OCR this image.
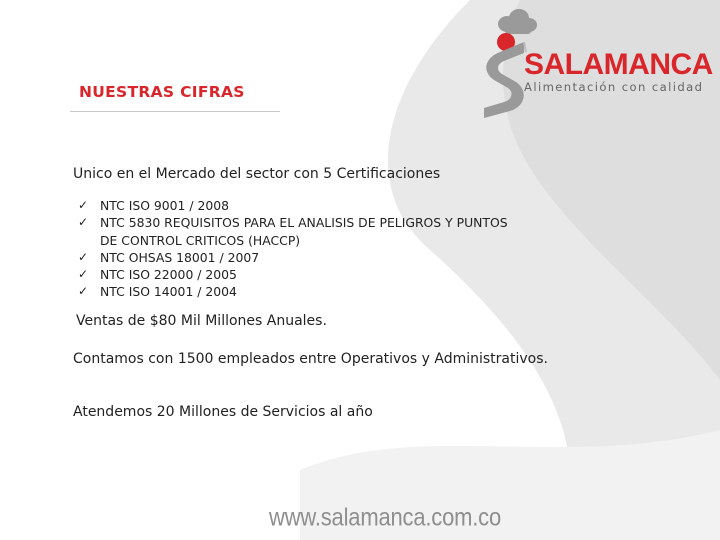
NUESTRAS CIFRAS
SALAMANCA
Alimentación con calidad
Unico en el Mercado del sector con 5 Certificaciones
✓ NTC ISO 9001 / 2008
✓ NTC 5830 REQUISITOS PARA EL ANALISIS DE PELIGROS Y PUNTOS
DE CONTROL CRITICOS (HACCP)
✓ NTC OHSAS 18001 / 2007
✓ NTC ISO 22000 / 2005
✓ NTC ISO 14001 / 2004
Ventas de $80 Mil Millones Anuales.
Contamos con 1500 empleados entre Operativos y Administrativos.
Atendemos 20 Millones de Servicios al año
www.salamanca.com.co
